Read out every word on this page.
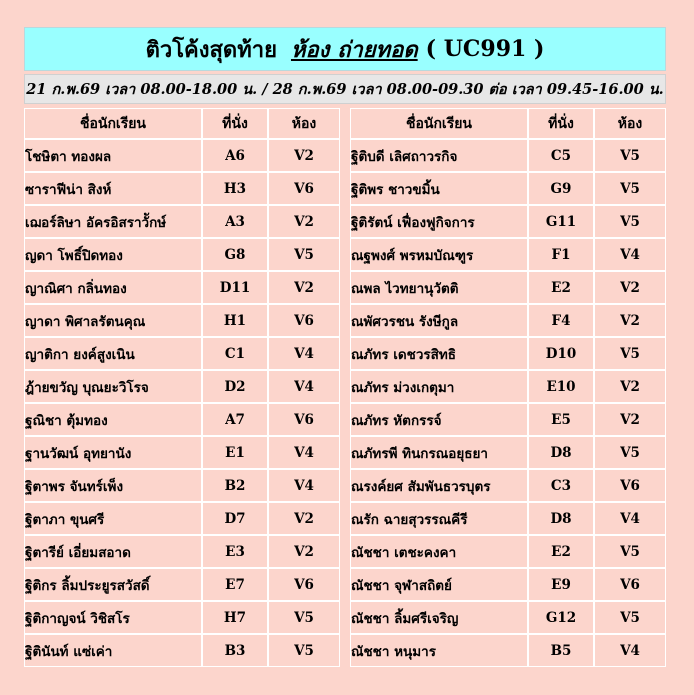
ติวโค้งสุดท้าย ห้อง ถ่ายทอด ( UC991 )
21 ก.พ.69 เวลา 08.00-18.00 น. / 28 ก.พ.69 เวลา 08.00-09.30 ต่อ เวลา 09.45-16.00 น.
ชื่อนักเรียน	ที่นั่ง	ห้อง
โชษิตา ทองผล	A6	V2
ซาราฟีน่า สิงห์	H3	V6
เฌอร์ลิษา อัครอิสราวัักษ์	A3	V2
ญดา โพธิ์ปิดทอง	G8	V5
ญาณิศา กลิ่นทอง	D11	V2
ญาดา พิศาลรัตนคุณ	H1	V6
ญาติกา ยงค์สูงเนิน	C1	V4
ฎ้ายขวัญ บุณยะวิโรจ	D2	V4
ฐณิชา ตุ้มทอง	A7	V6
ฐานวัฒน์ อุทยานัง	E1	V4
ฐิตาพร จันทร์เพ็ง	B2	V4
ฐิตาภา ขุนศรี	D7	V2
ฐิตารีย์ เอี่ยมสอาด	E3	V2
ฐิติกร ลิ้มประยูรสวัสดิ์	E7	V6
ฐิติกาญจน์ วิชิสโร	H7	V5
ฐิตินันท์ แซ่เค่า	B3	V5
ชื่อนักเรียน	ที่นั่ง	ห้อง
ฐิติบดี เลิศถาวรกิจ	C5	V5
ฐิติพร ชาวขมิ้น	G9	V5
ฐิติรัตน์ เฟื่องฟูกิจการ	G11	V5
ณฐพงศ์ พรหมบัณฑูร	F1	V4
ณพล ไวทยานุวัตติ	E2	V2
ณพัศวรชน รังษีกูล	F4	V2
ณภัทร เดชวรสิทธิ	D10	V5
ณภัทร ม่วงเกตุมา	E10	V2
ณภัทร หัตกรรจ์	E5	V2
ณภัทรพี ทินกรณอยุธยา	D8	V5
ณรงค์ยศ สัมพันธวรบุตร	C3	V6
ณรัก ฉายสุวรรณคีรี	D8	V4
ณัชชา เตชะคงคา	E2	V5
ณัชชา จุฬาสถิตย์	E9	V6
ณัชชา ลิ้มศรีเจริญ	G12	V5
ณัชชา หนุมาร	B5	V4
